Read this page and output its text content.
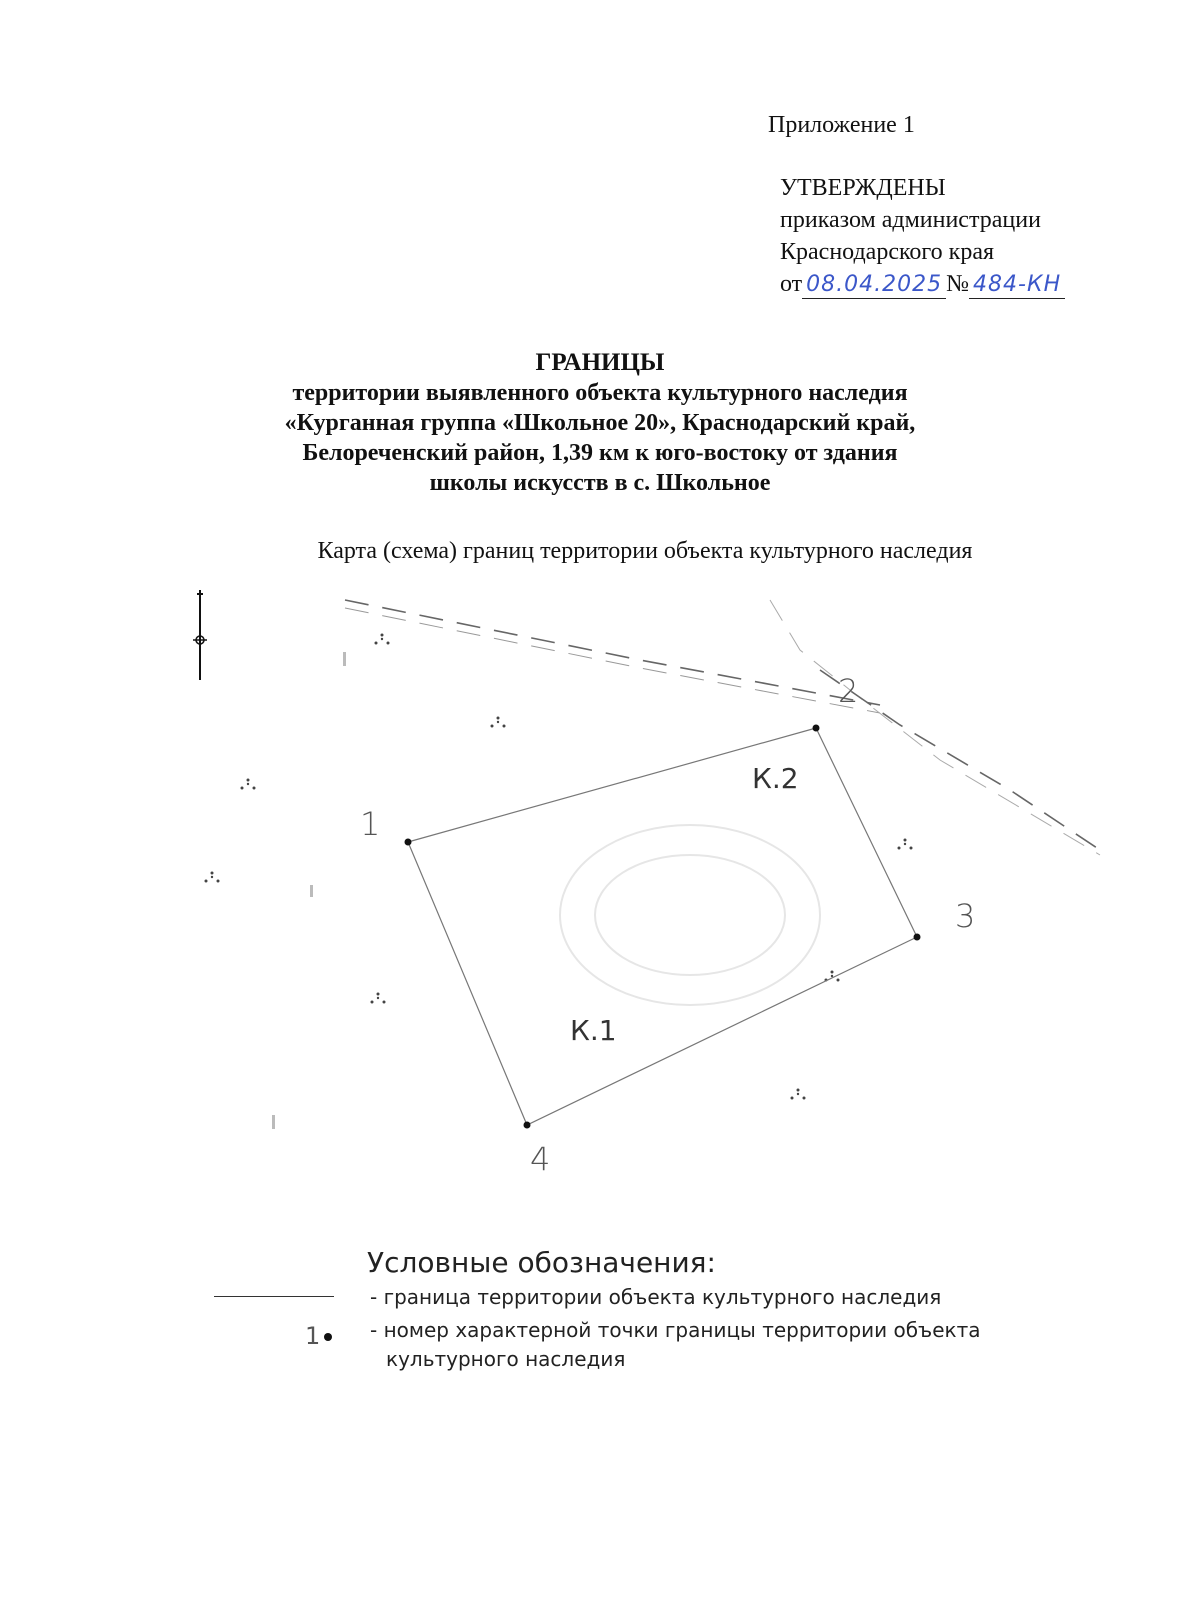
Приложение 1
УТВЕРЖДЕНЫ
приказом администрации
Краснодарского края
от 08.04.2025 № 484-КН
ГРАНИЦЫ
территории выявленного объекта культурного наследия
«Курганная группа «Школьное 20», Краснодарский край,
Белореченский район, 1,39 км к юго-востоку от здания
школы искусств в с. Школьное
Карта (схема) границ территории объекта культурного наследия
1
2
3
4
К.2
К.1
Условные обозначения:
- граница территории объекта культурного наследия
1	- номер характерной точки границы территории объекта
культурного наследия
